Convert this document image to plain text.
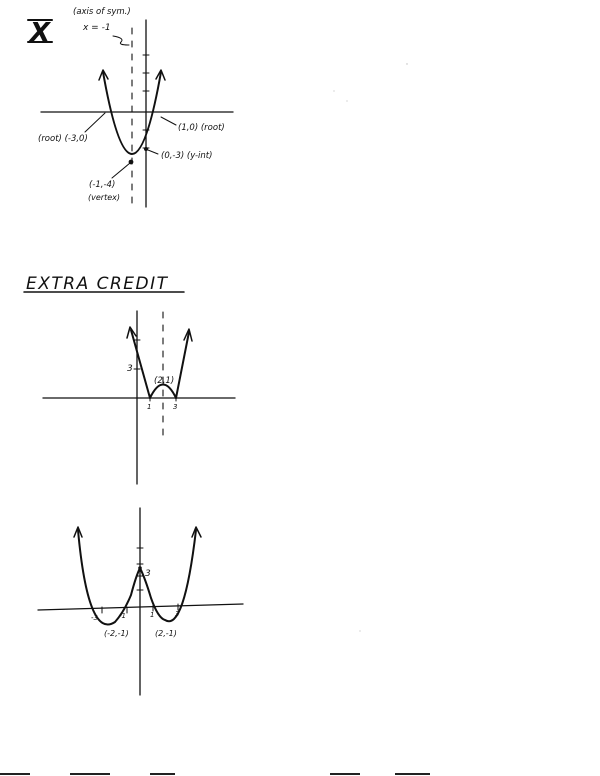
X
(axis of sym.)
x = -1
(root) (-3,0)
(1,0) (root)
(0,-3) (y-int)
(-1,-4)
(vertex)
EXTRA CREDIT
3
(2,1)
1	3
3
-3	-1	1	3
(-2,-1)	(2,-1)
